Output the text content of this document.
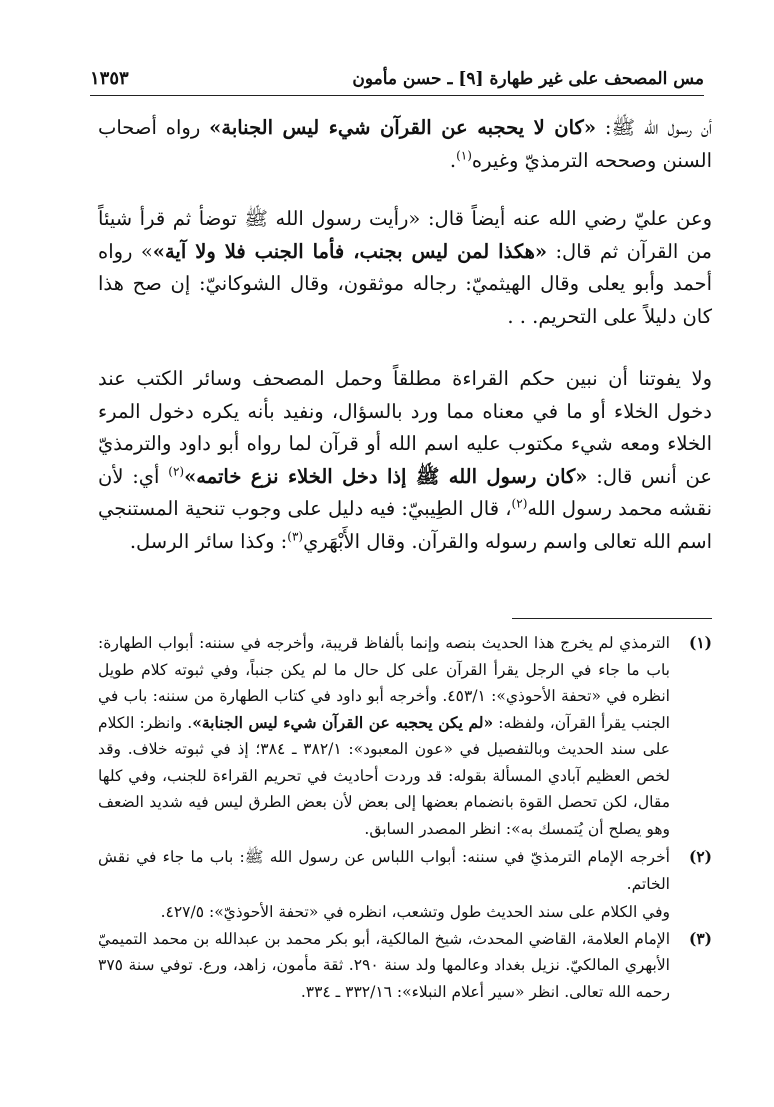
١٣٥٣	مس المصحف على غير طهارة [٩] ـ حسن مأمون

أن رسول الله ﷺ: «كان لا يحجبه عن القرآن شيء ليس الجنابة» رواه أصحاب السنن وصححه الترمذيّ وغيره$^{(١)}$.

وعن عليّ رضي الله عنه أيضاً قال: «رأيت رسول الله ﷺ توضأ ثم قرأ شيئاً من القرآن ثم قال: «هكذا لمن ليس بجنب، فأما الجنب فلا ولا آية»» رواه أحمد وأبو يعلى وقال الهيثميّ: رجاله موثقون، وقال الشوكانيّ: إن صح هذا كان دليلاً على التحريم. . .

ولا يفوتنا أن نبين حكم القراءة مطلقاً وحمل المصحف وسائر الكتب عند دخول الخلاء أو ما في معناه مما ورد بالسؤال، ونفيد بأنه يكره دخول المرء الخلاء ومعه شيء مكتوب عليه اسم الله أو قرآن لما رواه أبو داود والترمذيّ عن أنس قال: «كان رسول الله ﷺ إذا دخل الخلاء نزع خاتمه»$^{(٢)}$ أي: لأن نقشه محمد رسول الله$^{(٢)}$، قال الطِيبيّ: فيه دليل على وجوب تنحية المستنجي اسم الله تعالى واسم رسوله والقرآن. وقال الأَبْهَري$^{(٣)}$: وكذا سائر الرسل.

(١)
الترمذي لم يخرج هذا الحديث بنصه وإنما بألفاظ قريبة، وأخرجه في سننه: أبواب الطهارة: باب ما جاء في الرجل يقرأ القرآن على كل حال ما لم يكن جنباً، وفي ثبوته كلام طويل انظره في «تحفة الأحوذي»: ٤٥٣/١. وأخرجه أبو داود في كتاب الطهارة من سننه: باب في الجنب يقرأ القرآن، ولفظه: «لم يكن يحجبه عن القرآن شيء ليس الجنابة». وانظر: الكلام على سند الحديث وبالتفصيل في «عون المعبود»: ٣٨٢/١ ـ ٣٨٤؛ إذ في ثبوته خلاف. وقد لخص العظيم آبادي المسألة بقوله: قد وردت أحاديث في تحريم القراءة للجنب، وفي كلها مقال، لكن تحصل القوة بانضمام بعضها إلى بعض لأن بعض الطرق ليس فيه شديد الضعف وهو يصلح أن يُتمسك به»: انظر المصدر السابق.
(٢)
أخرجه الإمام الترمذيّ في سننه: أبواب اللباس عن رسول الله ﷺ: باب ما جاء في نقش الخاتم.
وفي الكلام على سند الحديث طول وتشعب، انظره في «تحفة الأحوذيّ»: ٤٢٧/٥.
(٣)
الإمام العلامة، القاضي المحدث، شيخ المالكية، أبو بكر محمد بن عبدالله بن محمد التميميّ الأبهري المالكيّ. نزيل بغداد وعالمها ولد سنة ٢٩٠. ثقة مأمون، زاهد، ورع. توفي سنة ٣٧٥ رحمه الله تعالى. انظر «سير أعلام النبلاء»: ٣٣٢/١٦ ـ ٣٣٤.
